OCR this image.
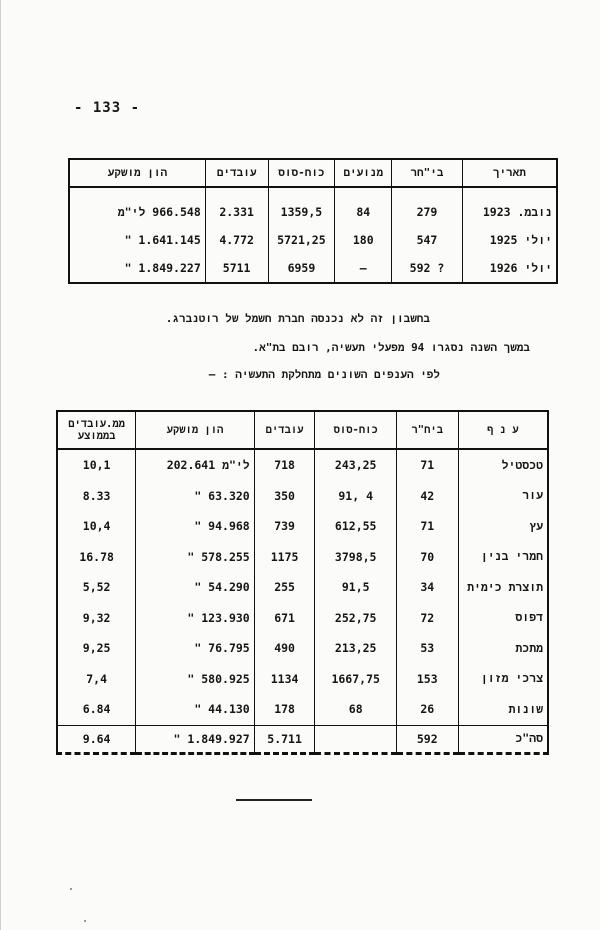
- 133 -
הון מושקע	עובדים	כוח-סוס	מנועים	בי"חר	תאריך
966.548 לי"מ	2.331	1359,5	84	279	נובמ. 1923
" 1.641.145	4.772	5721,25	180	547	יולי 1925
" 1.849.227	5711	6959	—	592 ?	יולי 1926
בחשבון זה לא נכנסה חברת חשמל של רוטנברג.
במשך השנה נסגרו 94 מפעלי תעשיה, רובם בת"א.
לפי הענפים השונים מתחלקת התעשיה : —
ממ.עובדים בממוצע	הון מושקע	עובדים	כוח-סוס	ביח"ר	ע נ ף
10,1	202.641 לי"מ	718	243,25	71	טכסטיל
8.33	" 63.320	350	91, 4	42	עור
10,4	" 94.968	739	612,55	71	עץ
16.78	" 578.255	1175	3798,5	70	חמרי בנין
5,52	" 54.290	255	91,5	34	תוצרת כימית
9,32	" 123.930	671	252,75	72	דפוס
9,25	" 76.795	490	213,25	53	מתכת
7,4	" 580.925	1134	1667,75	153	צרכי מזון
6.84	" 44.130	178	68	26	שונות
9.64	" 1.849.927	5.711		592	סה"כ
